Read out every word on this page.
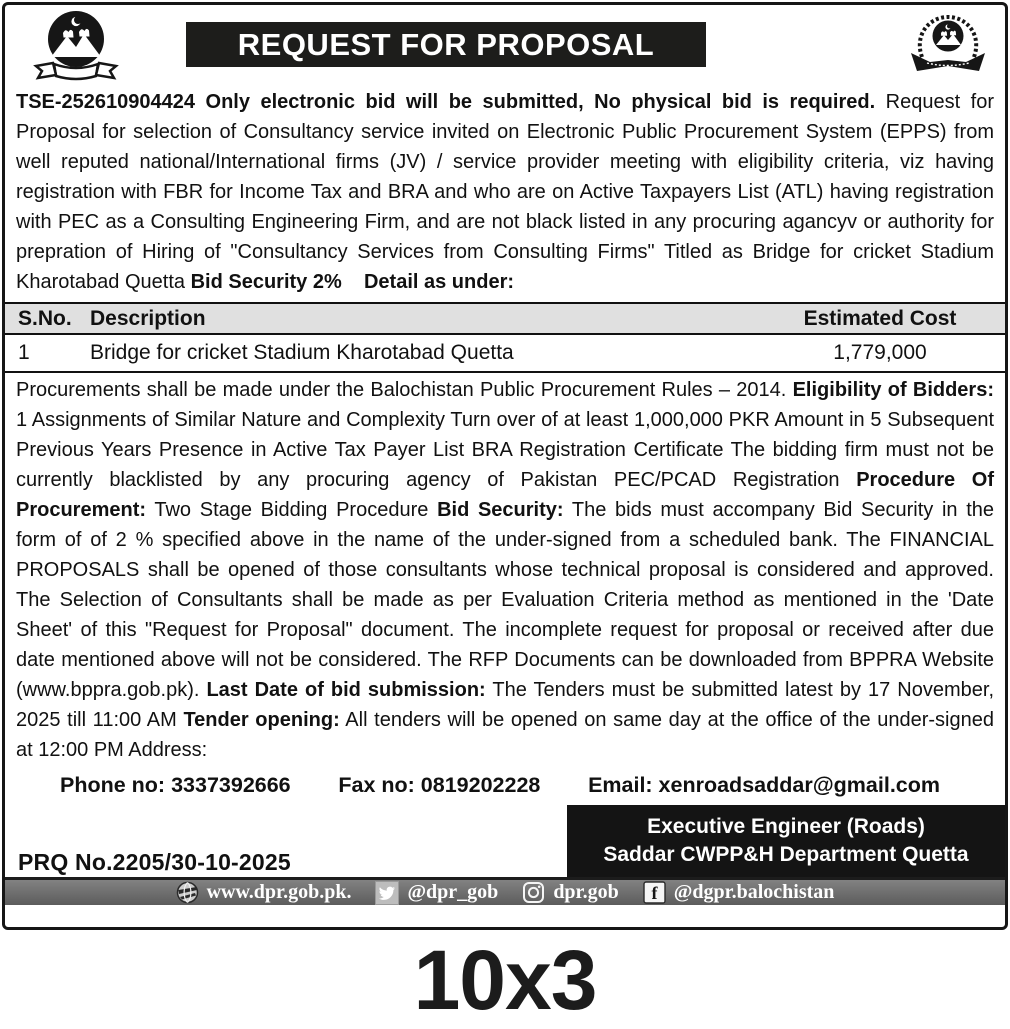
REQUEST FOR PROPOSAL

TSE-252610904424 Only electronic bid will be submitted, No physical bid is required. Request for Proposal for selection of Consultancy service invited on Electronic Public Procurement System (EPPS) from well reputed national/International firms (JV) / service provider meeting with eligibility criteria, viz having registration with FBR for Income Tax and BRA and who are on Active Taxpayers List (ATL) having registration with PEC as a Consulting Engineering Firm, and are not black listed in any procuring agancyv or authority for prepration of Hiring of "Consultancy Services from Consulting Firms" Titled as Bridge for cricket Stadium Kharotabad Quetta Bid Security 2% Detail as under:

S.No. Description	Estimated Cost
1	Bridge for cricket Stadium Kharotabad Quetta	1,779,000

Procurements shall be made under the Balochistan Public Procurement Rules – 2014. Eligibility of Bidders: 1 Assignments of Similar Nature and Complexity Turn over of at least 1,000,000 PKR Amount in 5 Subsequent Previous Years Presence in Active Tax Payer List BRA Registration Certificate The bidding firm must not be currently blacklisted by any procuring agency of Pakistan PEC/PCAD Registration Procedure Of Procurement: Two Stage Bidding Procedure Bid Security: The bids must accompany Bid Security in the form of of 2 % specified above in the name of the under-signed from a scheduled bank. The FINANCIAL PROPOSALS shall be opened of those consultants whose technical proposal is considered and approved. The Selection of Consultants shall be made as per Evaluation Criteria method as mentioned in the 'Date Sheet' of this "Request for Proposal" document. The incomplete request for proposal or received after due date mentioned above will not be considered. The RFP Documents can be downloaded from BPPRA Website (www.bppra.gob.pk). Last Date of bid submission: The Tenders must be submitted latest by 17 November, 2025 till 11:00 AM Tender opening: All tenders will be opened on same day at the office of the under-signed at 12:00 PM Address:

Phone no: 3337392666 Fax no: 0819202228 Email: xenroadsaddar@gmail.com
PRQ No.2205/30-10-2025
Executive Engineer (Roads)
Saddar CWPP&H Department Quetta
www.dpr.gob.pk.	@dpr_gob	dpr.gob f @dgpr.balochistan
10x3
